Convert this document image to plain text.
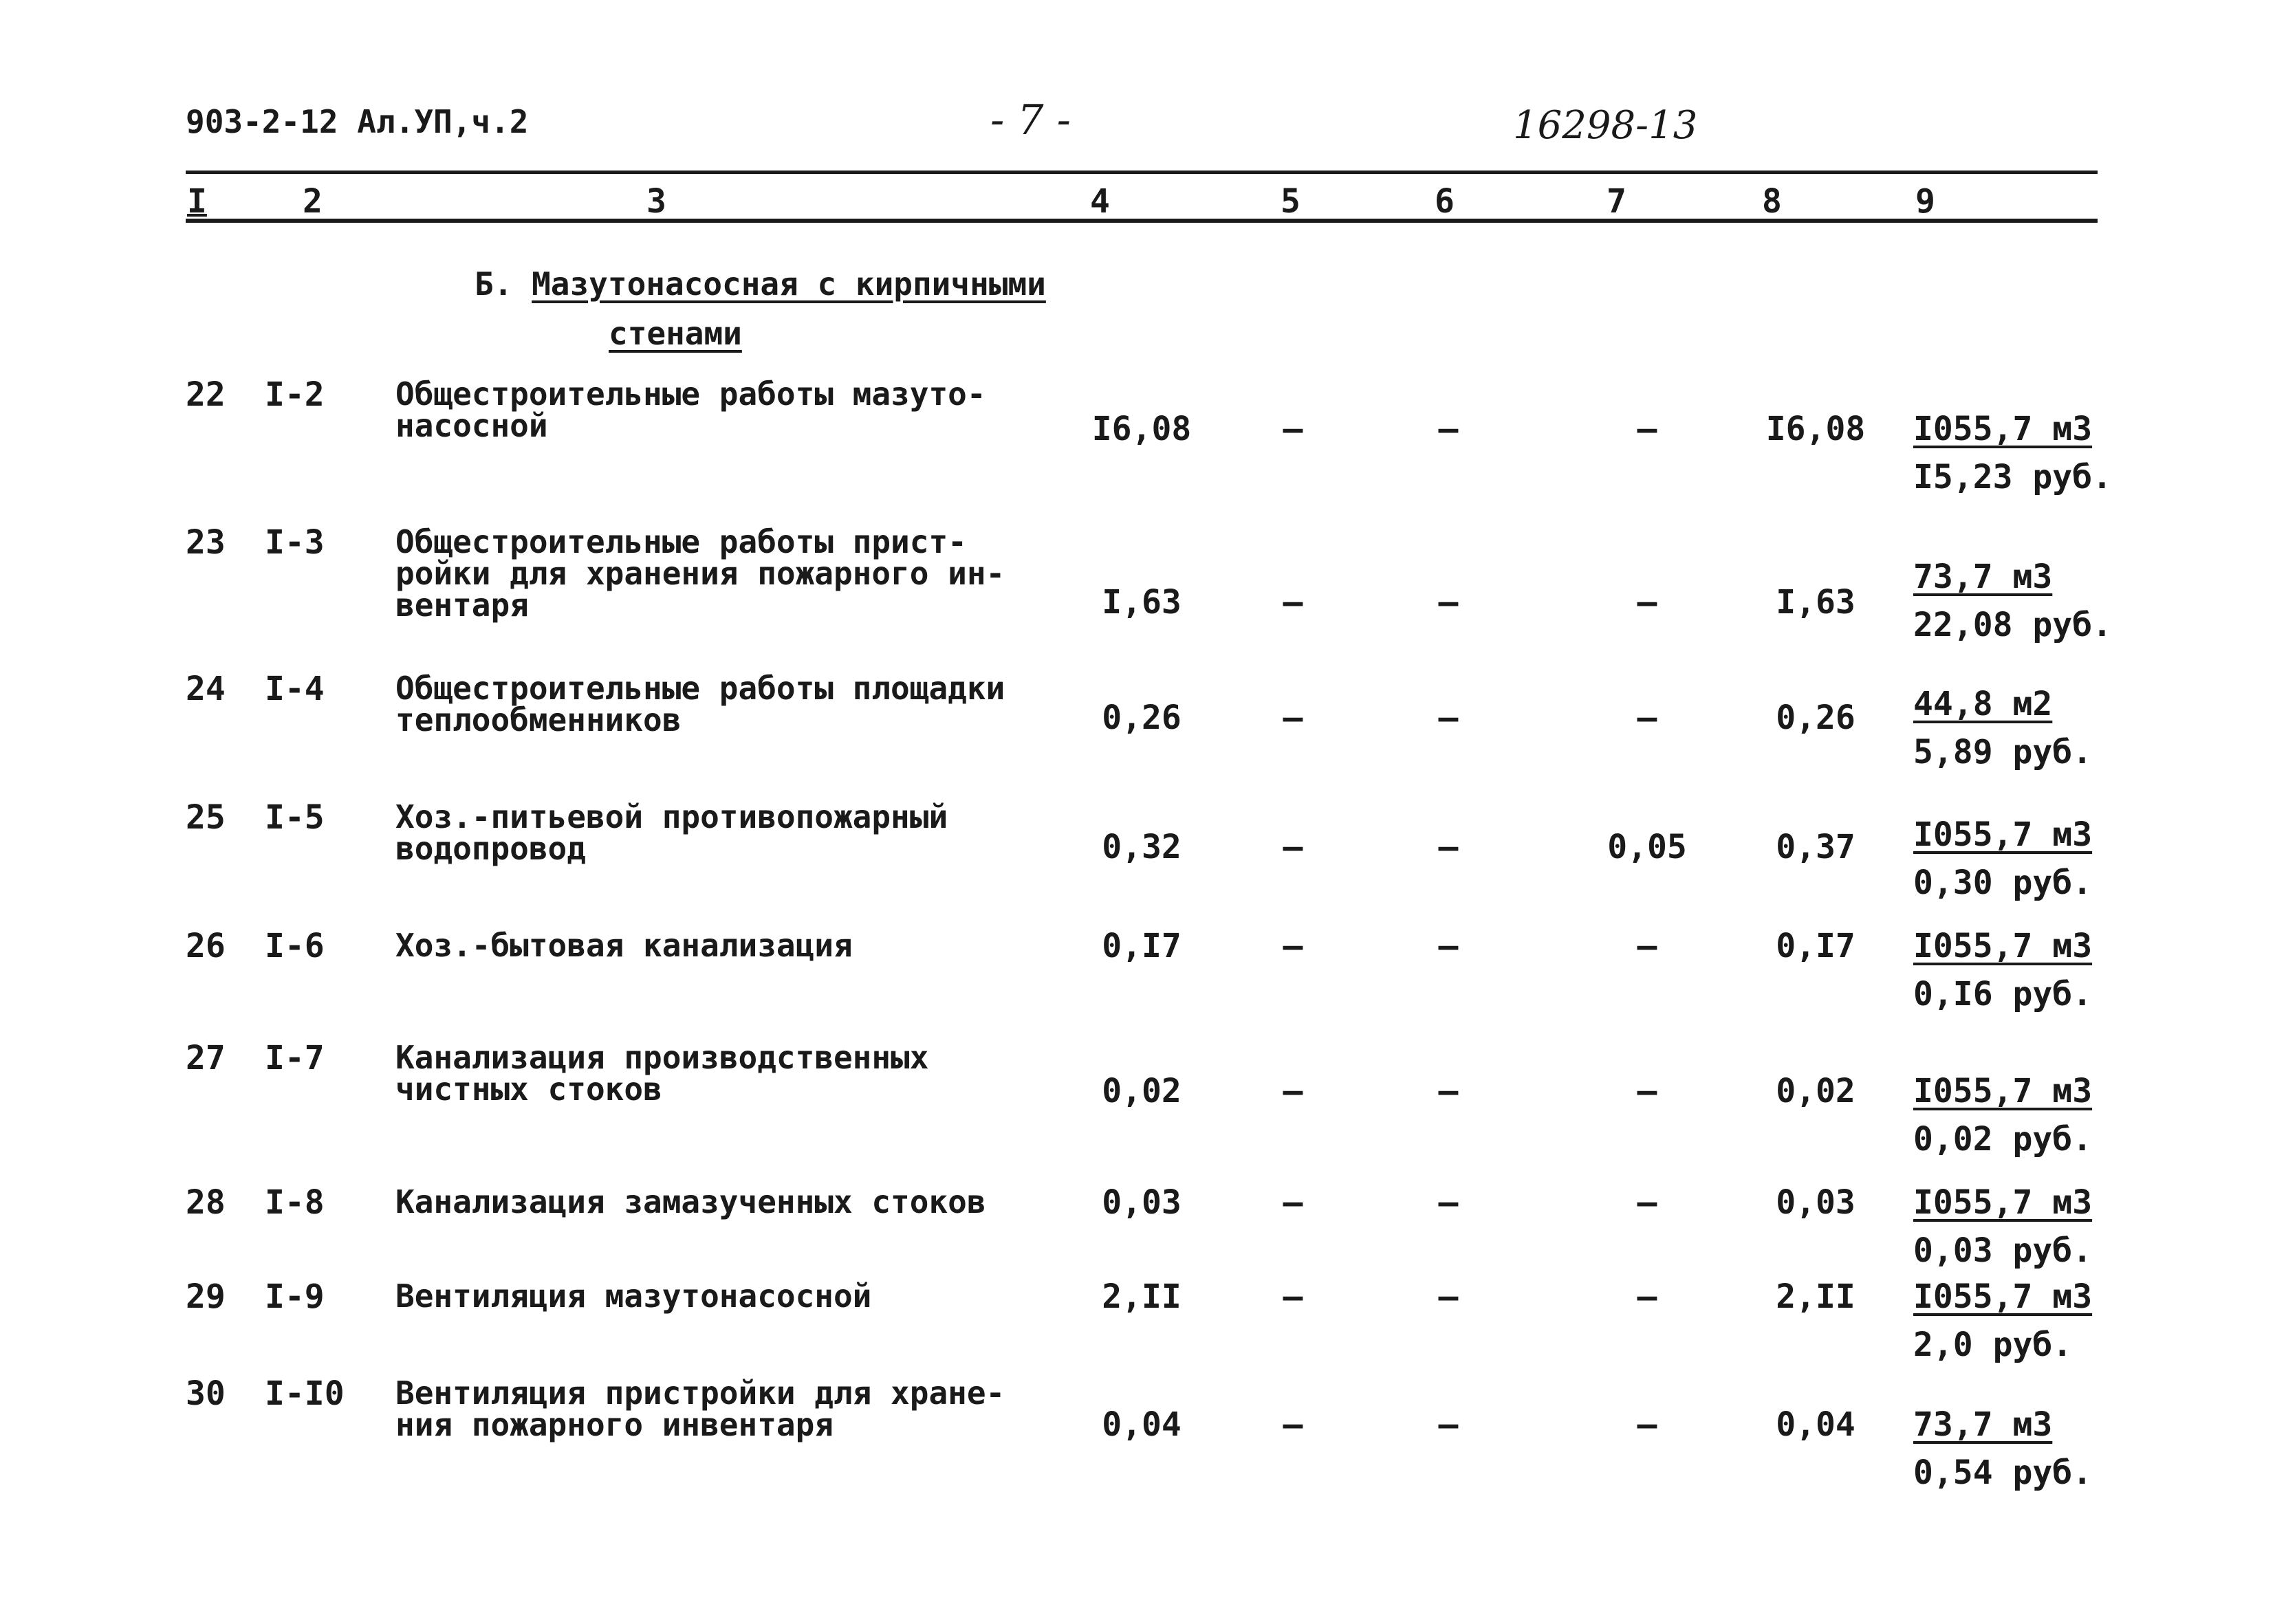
903-2-12 Ал.УП,ч.2	- 7 -	16298-13
I	2	3	4	5	6	7	8	9
Б. Мазутонасосная с кирпичными
стенами
22 I-2 Общестроительные работы мазуто-
насосной	I6,08	–	–	–	I6,08	I055,7 м3
I5,23 руб.
23 I-3 Общестроительные работы прист-
ройки для хранения пожарного ин-
вентаря	I,63	–	–	–	I,63
73,7 м3
22,08 руб.
24 I-4 Общестроительные работы площадки
теплообменников	0,26	–	–	–	0,26	44,8 м2
5,89 руб.
25 I-5 Хоз.-питьевой противопожарный
водопровод	0,32	–	–	0,05	0,37	I055,7 м3
0,30 руб.
26 I-6 Хоз.-бытовая канализация	0,I7	–	–	–	0,I7	I055,7 м3
0,I6 руб.
27 I-7 Канализация производственных
чистных стоков	0,02	–	–	–	0,02	I055,7 м3
0,02 руб.
28 I-8 Канализация замазученных стоков	0,03	–	–	–	0,03	I055,7 м3
0,03 руб.
29 I-9 Вентиляция мазутонасосной	2,II	–	–	–	2,II	I055,7 м3
2,0 руб.
30 I-I0 Вентиляция пристройки для хране-
ния пожарного инвентаря	0,04	–	–	–	0,04	73,7 м3
0,54 руб.
